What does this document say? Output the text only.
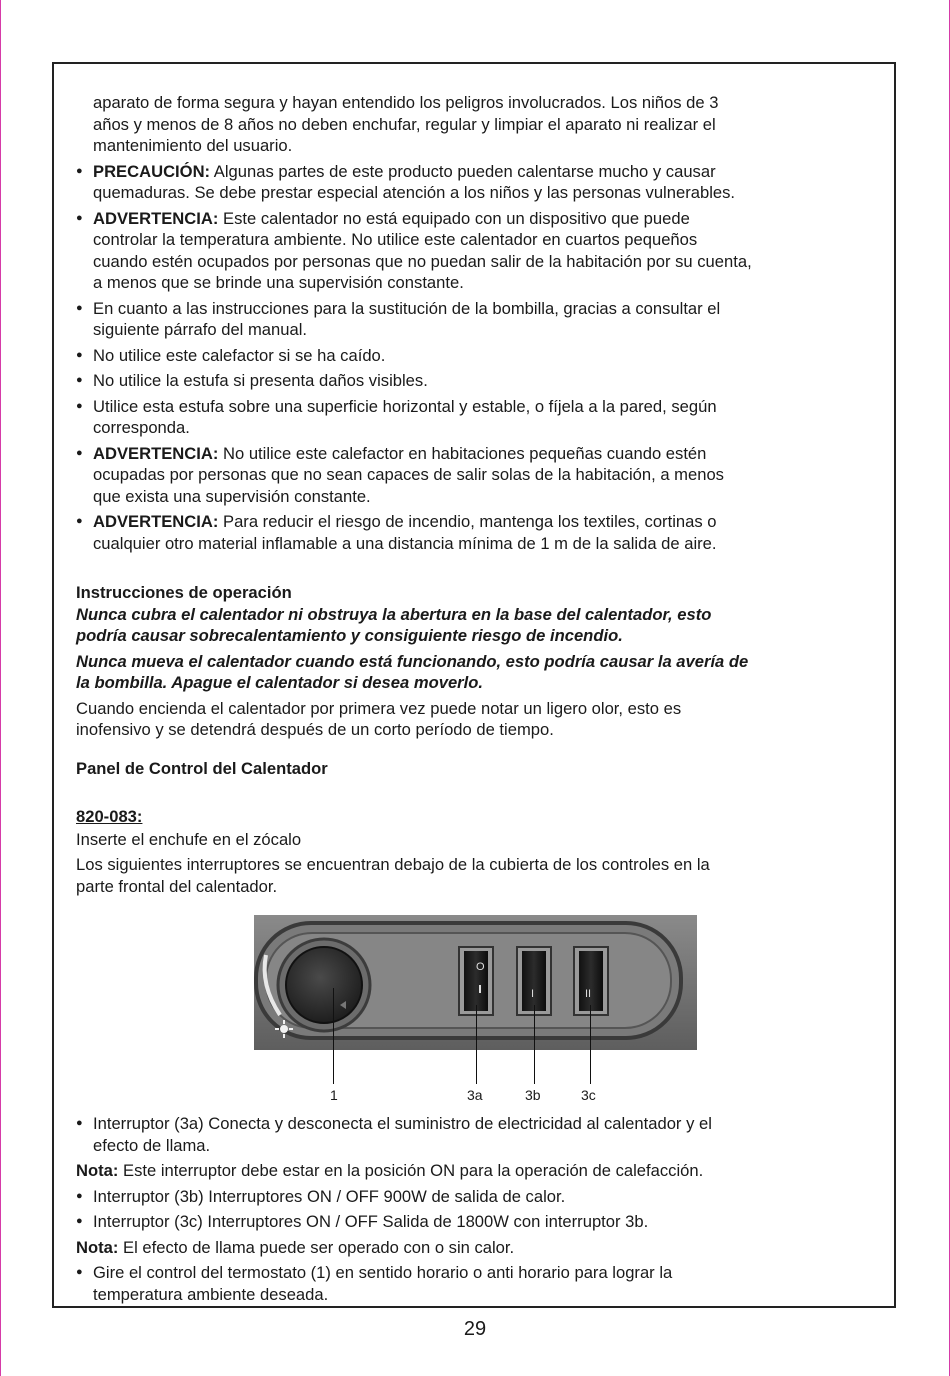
aparato de forma segura y hayan entendido los peligros involucrados. Los niños de 3
años y menos de 8 años no deben enchufar, regular y limpiar el aparato ni realizar el
mantenimiento del usuario.
● PRECAUCIÓN: Algunas partes de este producto pueden calentarse mucho y causar
quemaduras. Se debe prestar especial atención a los niños y las personas vulnerables.
● ADVERTENCIA: Este calentador no está equipado con un dispositivo que puede
controlar la temperatura ambiente. No utilice este calentador en cuartos pequeños
cuando estén ocupados por personas que no puedan salir de la habitación por su cuenta,
a menos que se brinde una supervisión constante.
● En cuanto a las instrucciones para la sustitución de la bombilla, gracias a consultar el
siguiente párrafo del manual.
● No utilice este calefactor si se ha caído.
● No utilice la estufa si presenta daños visibles.
● Utilice esta estufa sobre una superficie horizontal y estable, o fíjela a la pared, según
corresponda.
● ADVERTENCIA: No utilice este calefactor en habitaciones pequeñas cuando estén
ocupadas por personas que no sean capaces de salir solas de la habitación, a menos
que exista una supervisión constante.
● ADVERTENCIA: Para reducir el riesgo de incendio, mantenga los textiles, cortinas o
cualquier otro material inflamable a una distancia mínima de 1 m de la salida de aire.
Instrucciones de operación
Nunca cubra el calentador ni obstruya la abertura en la base del calentador, esto
podría causar sobrecalentamiento y consiguiente riesgo de incendio.
Nunca mueva el calentador cuando está funcionando, esto podría causar la avería de
la bombilla. Apague el calentador si desea moverlo.
Cuando encienda el calentador por primera vez puede notar un ligero olor, esto es
inofensivo y se detendrá después de un corto período de tiempo.
Panel de Control del Calentador
820-083:
Inserte el enchufe en el zócalo
Los siguientes interruptores se encuentran debajo de la cubierta de los controles en la
parte frontal del calentador.
O
I	II
1	3a	3b	3c
● Interruptor (3a) Conecta y desconecta el suministro de electricidad al calentador y el
efecto de llama.
Nota: Este interruptor debe estar en la posición ON para la operación de calefacción.
● Interruptor (3b) Interruptores ON / OFF 900W de salida de calor.
● Interruptor (3c) Interruptores ON / OFF Salida de 1800W con interruptor 3b.
Nota: El efecto de llama puede ser operado con o sin calor.
● Gire el control del termostato (1) en sentido horario o anti horario para lograr la
temperatura ambiente deseada.
29
